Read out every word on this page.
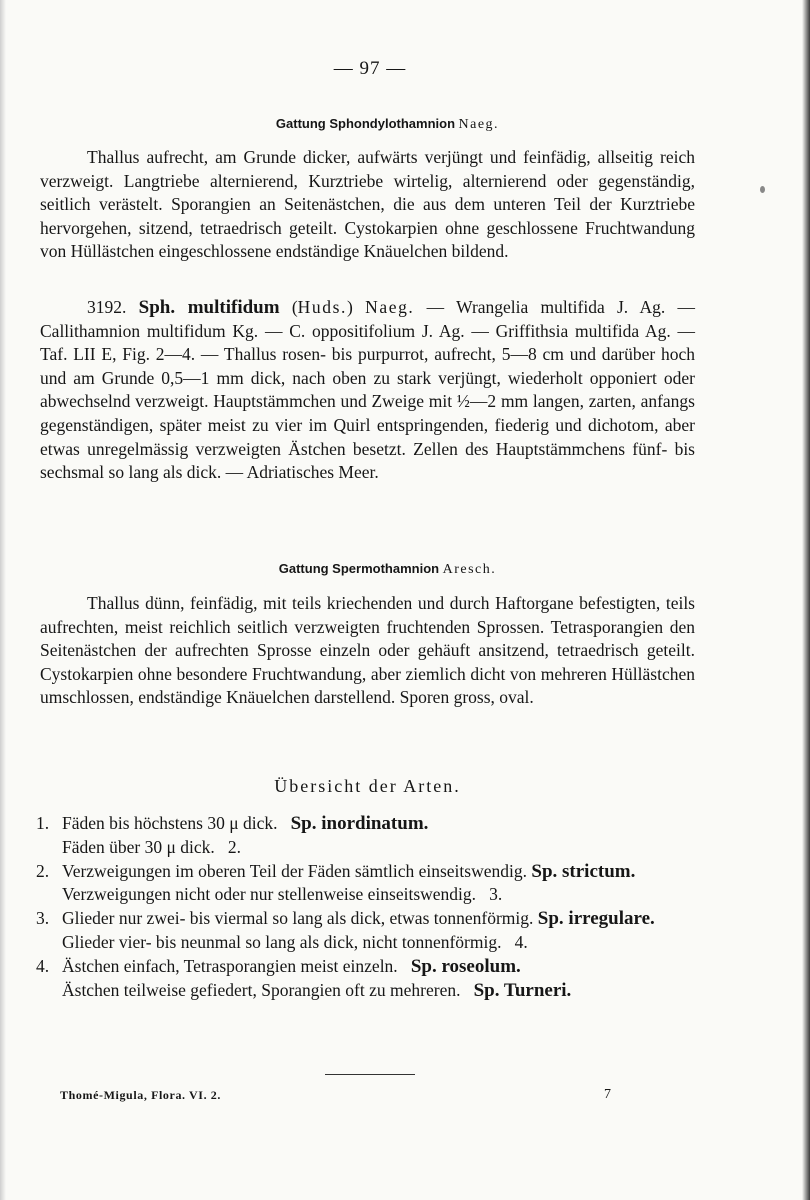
— 97 —
Gattung Sphondylothamnion Naeg.

Thallus aufrecht, am Grunde dicker, aufwärts verjüngt und feinfädig, allseitig reich verzweigt. Langtriebe alternierend, Kurztriebe wirtelig, alternierend oder gegenständig, seitlich verästelt. Sporangien an Seitenästchen, die aus dem unteren Teil der Kurztriebe hervorgehen, sitzend, tetraedrisch geteilt. Cystokarpien ohne geschlossene Fruchtwandung von Hüllästchen eingeschlossene endständige Knäuelchen bildend.

3192. Sph. multifidum (Huds.) Naeg. — Wrangelia multifida J. Ag. — Callithamnion multifidum Kg. — C. oppositifolium J. Ag. — Griffithsia multifida Ag. — Taf. LII E, Fig. 2—4. — Thallus rosen- bis purpurrot, aufrecht, 5—8 cm und darüber hoch und am Grunde 0,5—1 mm dick, nach oben zu stark verjüngt, wiederholt opponiert oder abwechselnd verzweigt. Hauptstämmchen und Zweige mit ½—2 mm langen, zarten, anfangs gegenständigen, später meist zu vier im Quirl entspringenden, fiederig und dichotom, aber etwas unregelmässig verzweigten Ästchen besetzt. Zellen des Hauptstämmchens fünf- bis sechsmal so lang als dick. — Adriatisches Meer.

Gattung Spermothamnion Aresch.

Thallus dünn, feinfädig, mit teils kriechenden und durch Haftorgane befestigten, teils aufrechten, meist reichlich seitlich verzweigten fruchtenden Sprossen. Tetrasporangien den Seitenästchen der aufrechten Sprosse einzeln oder gehäuft ansitzend, tetraedrisch geteilt. Cystokarpien ohne besondere Fruchtwandung, aber ziemlich dicht von mehreren Hüllästchen umschlossen, endständige Knäuelchen darstellend. Sporen gross, oval.

Übersicht der Arten.
1. Fäden bis höchstens 30 μ dick. Sp. inordinatum.
Fäden über 30 μ dick. 2.
2. Verzweigungen im oberen Teil der Fäden sämtlich einseitswendig. Sp. strictum.
Verzweigungen nicht oder nur stellenweise einseitswendig. 3.
3. Glieder nur zwei- bis viermal so lang als dick, etwas tonnenförmig. Sp. irregulare.
Glieder vier- bis neunmal so lang als dick, nicht tonnenförmig. 4.
4. Ästchen einfach, Tetrasporangien meist einzeln. Sp. roseolum.
Ästchen teilweise gefiedert, Sporangien oft zu mehreren. Sp. Turneri.
Thomé-Migula, Flora. VI. 2.	7
